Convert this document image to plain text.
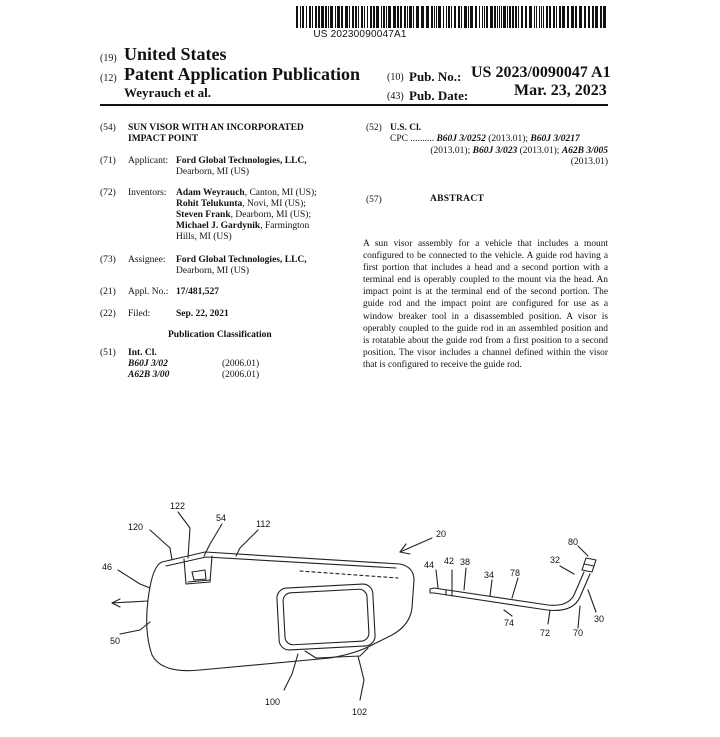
US 20230090047A1
(19) United States
(12) Patent Application Publication
Weyrauch et al.
(10) Pub. No.: US 2023/0090047 A1
(43) Pub. Date:	Mar. 23, 2023
(54) SUN VISOR WITH AN INCORPORATED
IMPACT POINT
(71) Applicant: Ford Global Technologies, LLC,
Dearborn, MI (US)
(72) Inventors: Adam Weyrauch, Canton, MI (US);
Rohit Telukunta, Novi, MI (US);
Steven Frank, Dearborn, MI (US);
Michael J. Gardynik, Farmington
Hills, MI (US)
(73) Assignee: Ford Global Technologies, LLC,
Dearborn, MI (US)
(21) Appl. No.: 17/481,527
(22) Filed:	Sep. 22, 2021
Publication Classification
(51) Int. Cl.
B60J 3/02	(2006.01)
A62B 3/00	(2006.01)
(52) U.S. Cl.
CPC .......... B60J 3/0252 (2013.01); B60J 3/0217
(2013.01); B60J 3/023 (2013.01); A62B 3/005
(2013.01)
(57)	ABSTRACT
A sun visor assembly for a vehicle that includes a mount configured to be connected to the vehicle. A guide rod having a first portion that includes a head and a second portion with a terminal end is operably coupled to the mount via the head. An impact point is at the terminal end of the second portion. The guide rod and the impact point are configured for use as a window breaker tool in a disassembled position. A visor is operably coupled to the guide rod in an assembled position and is rotatable about the guide rod from a first position to a second position. The visor includes a channel defined within the visor that is configured to receive the guide rod.
122
54
112
120
46
50
100
102
20
80
32
44 42 38
34 78
74
72	70
30
